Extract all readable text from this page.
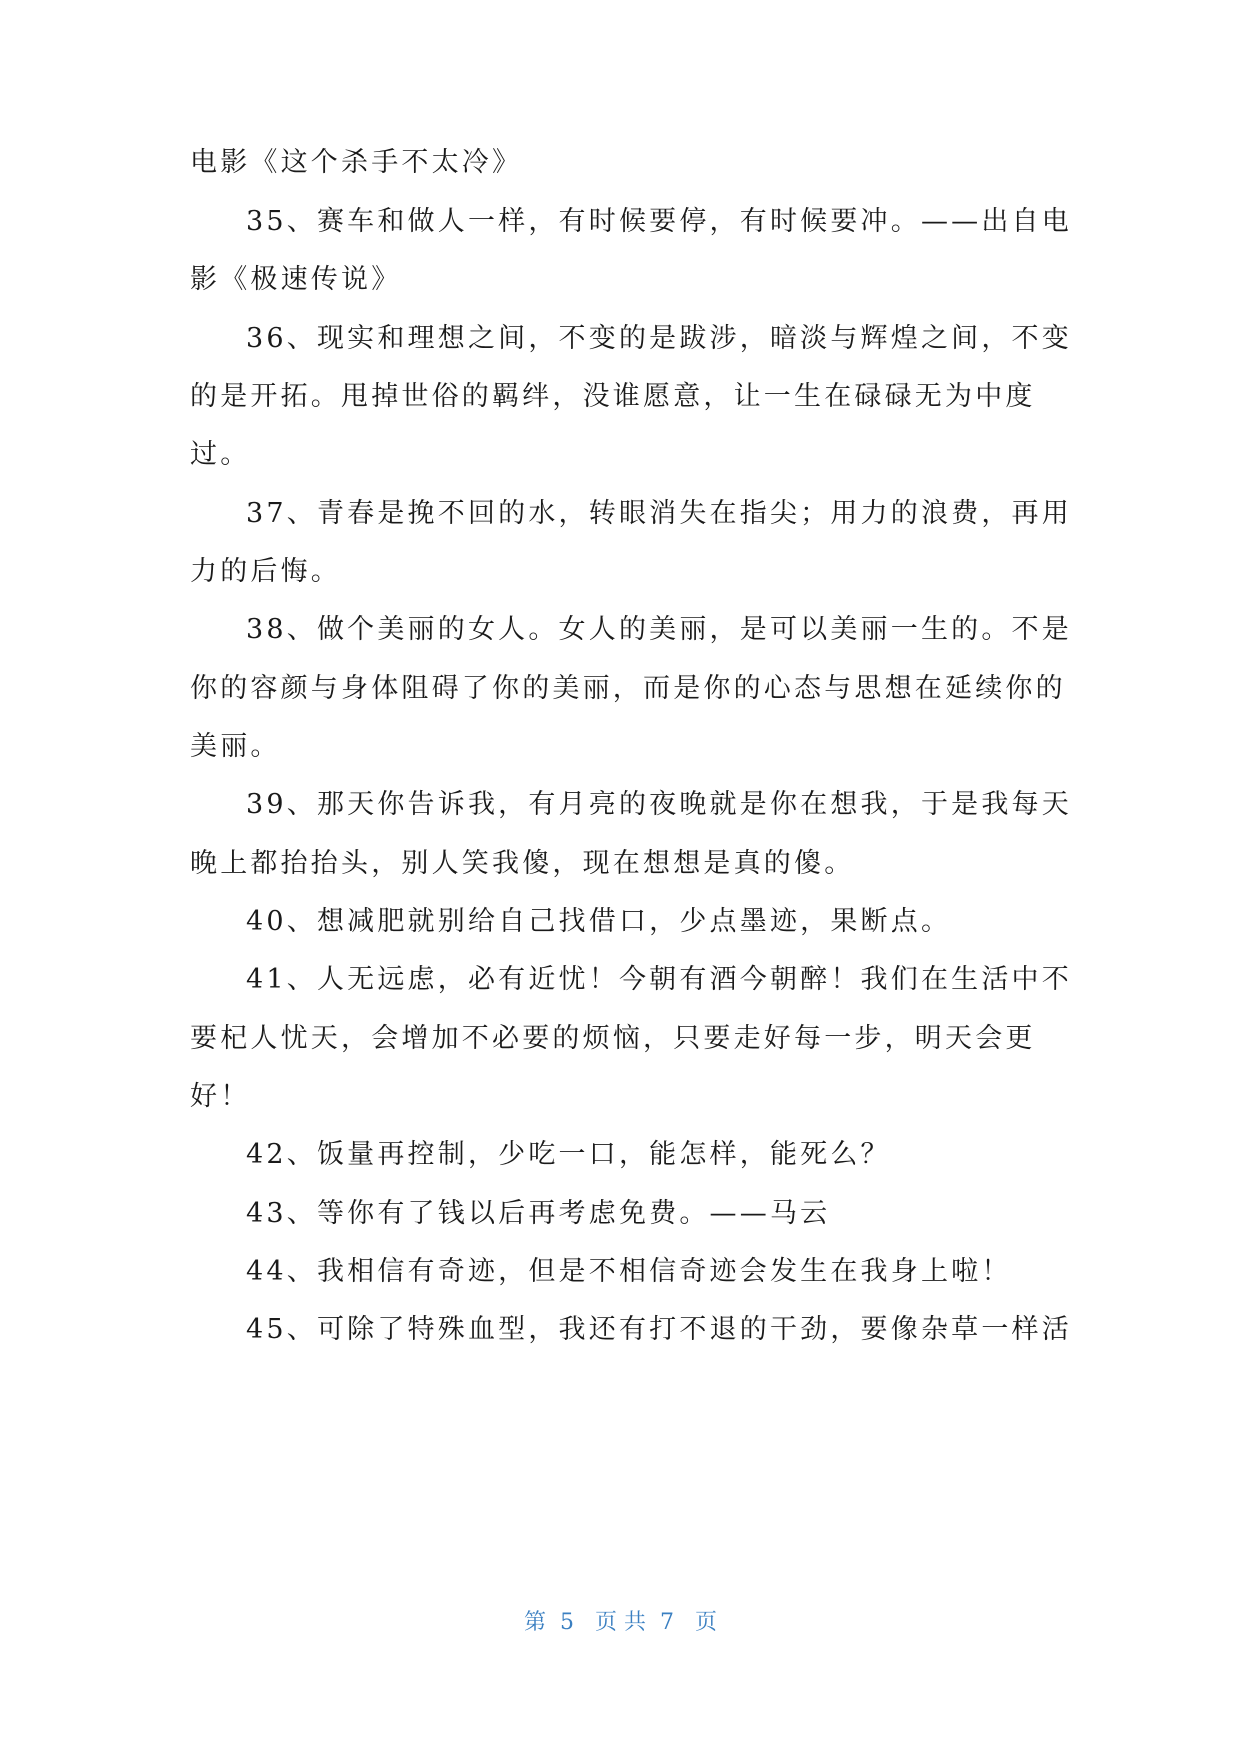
电影《这个杀手不太冷》
35、赛车和做人一样，有时候要停，有时候要冲。——出自电
影《极速传说》
36、现实和理想之间，不变的是跋涉，暗淡与辉煌之间，不变
的是开拓。甩掉世俗的羁绊，没谁愿意，让一生在碌碌无为中度
过。
37、青春是挽不回的水，转眼消失在指尖；用力的浪费，再用
力的后悔。
38、做个美丽的女人。女人的美丽，是可以美丽一生的。不是
你的容颜与身体阻碍了你的美丽，而是你的心态与思想在延续你的
美丽。
39、那天你告诉我，有月亮的夜晚就是你在想我，于是我每天
晚上都抬抬头，别人笑我傻，现在想想是真的傻。
40、想减肥就别给自己找借口，少点墨迹，果断点。
41、人无远虑，必有近忧！今朝有酒今朝醉！我们在生活中不
要杞人忧天，会增加不必要的烦恼，只要走好每一步，明天会更
好！
42、饭量再控制，少吃一口，能怎样，能死么？
43、等你有了钱以后再考虑免费。——马云
44、我相信有奇迹，但是不相信奇迹会发生在我身上啦！
45、可除了特殊血型，我还有打不退的干劲，要像杂草一样活
第  5   页 共  7   页
